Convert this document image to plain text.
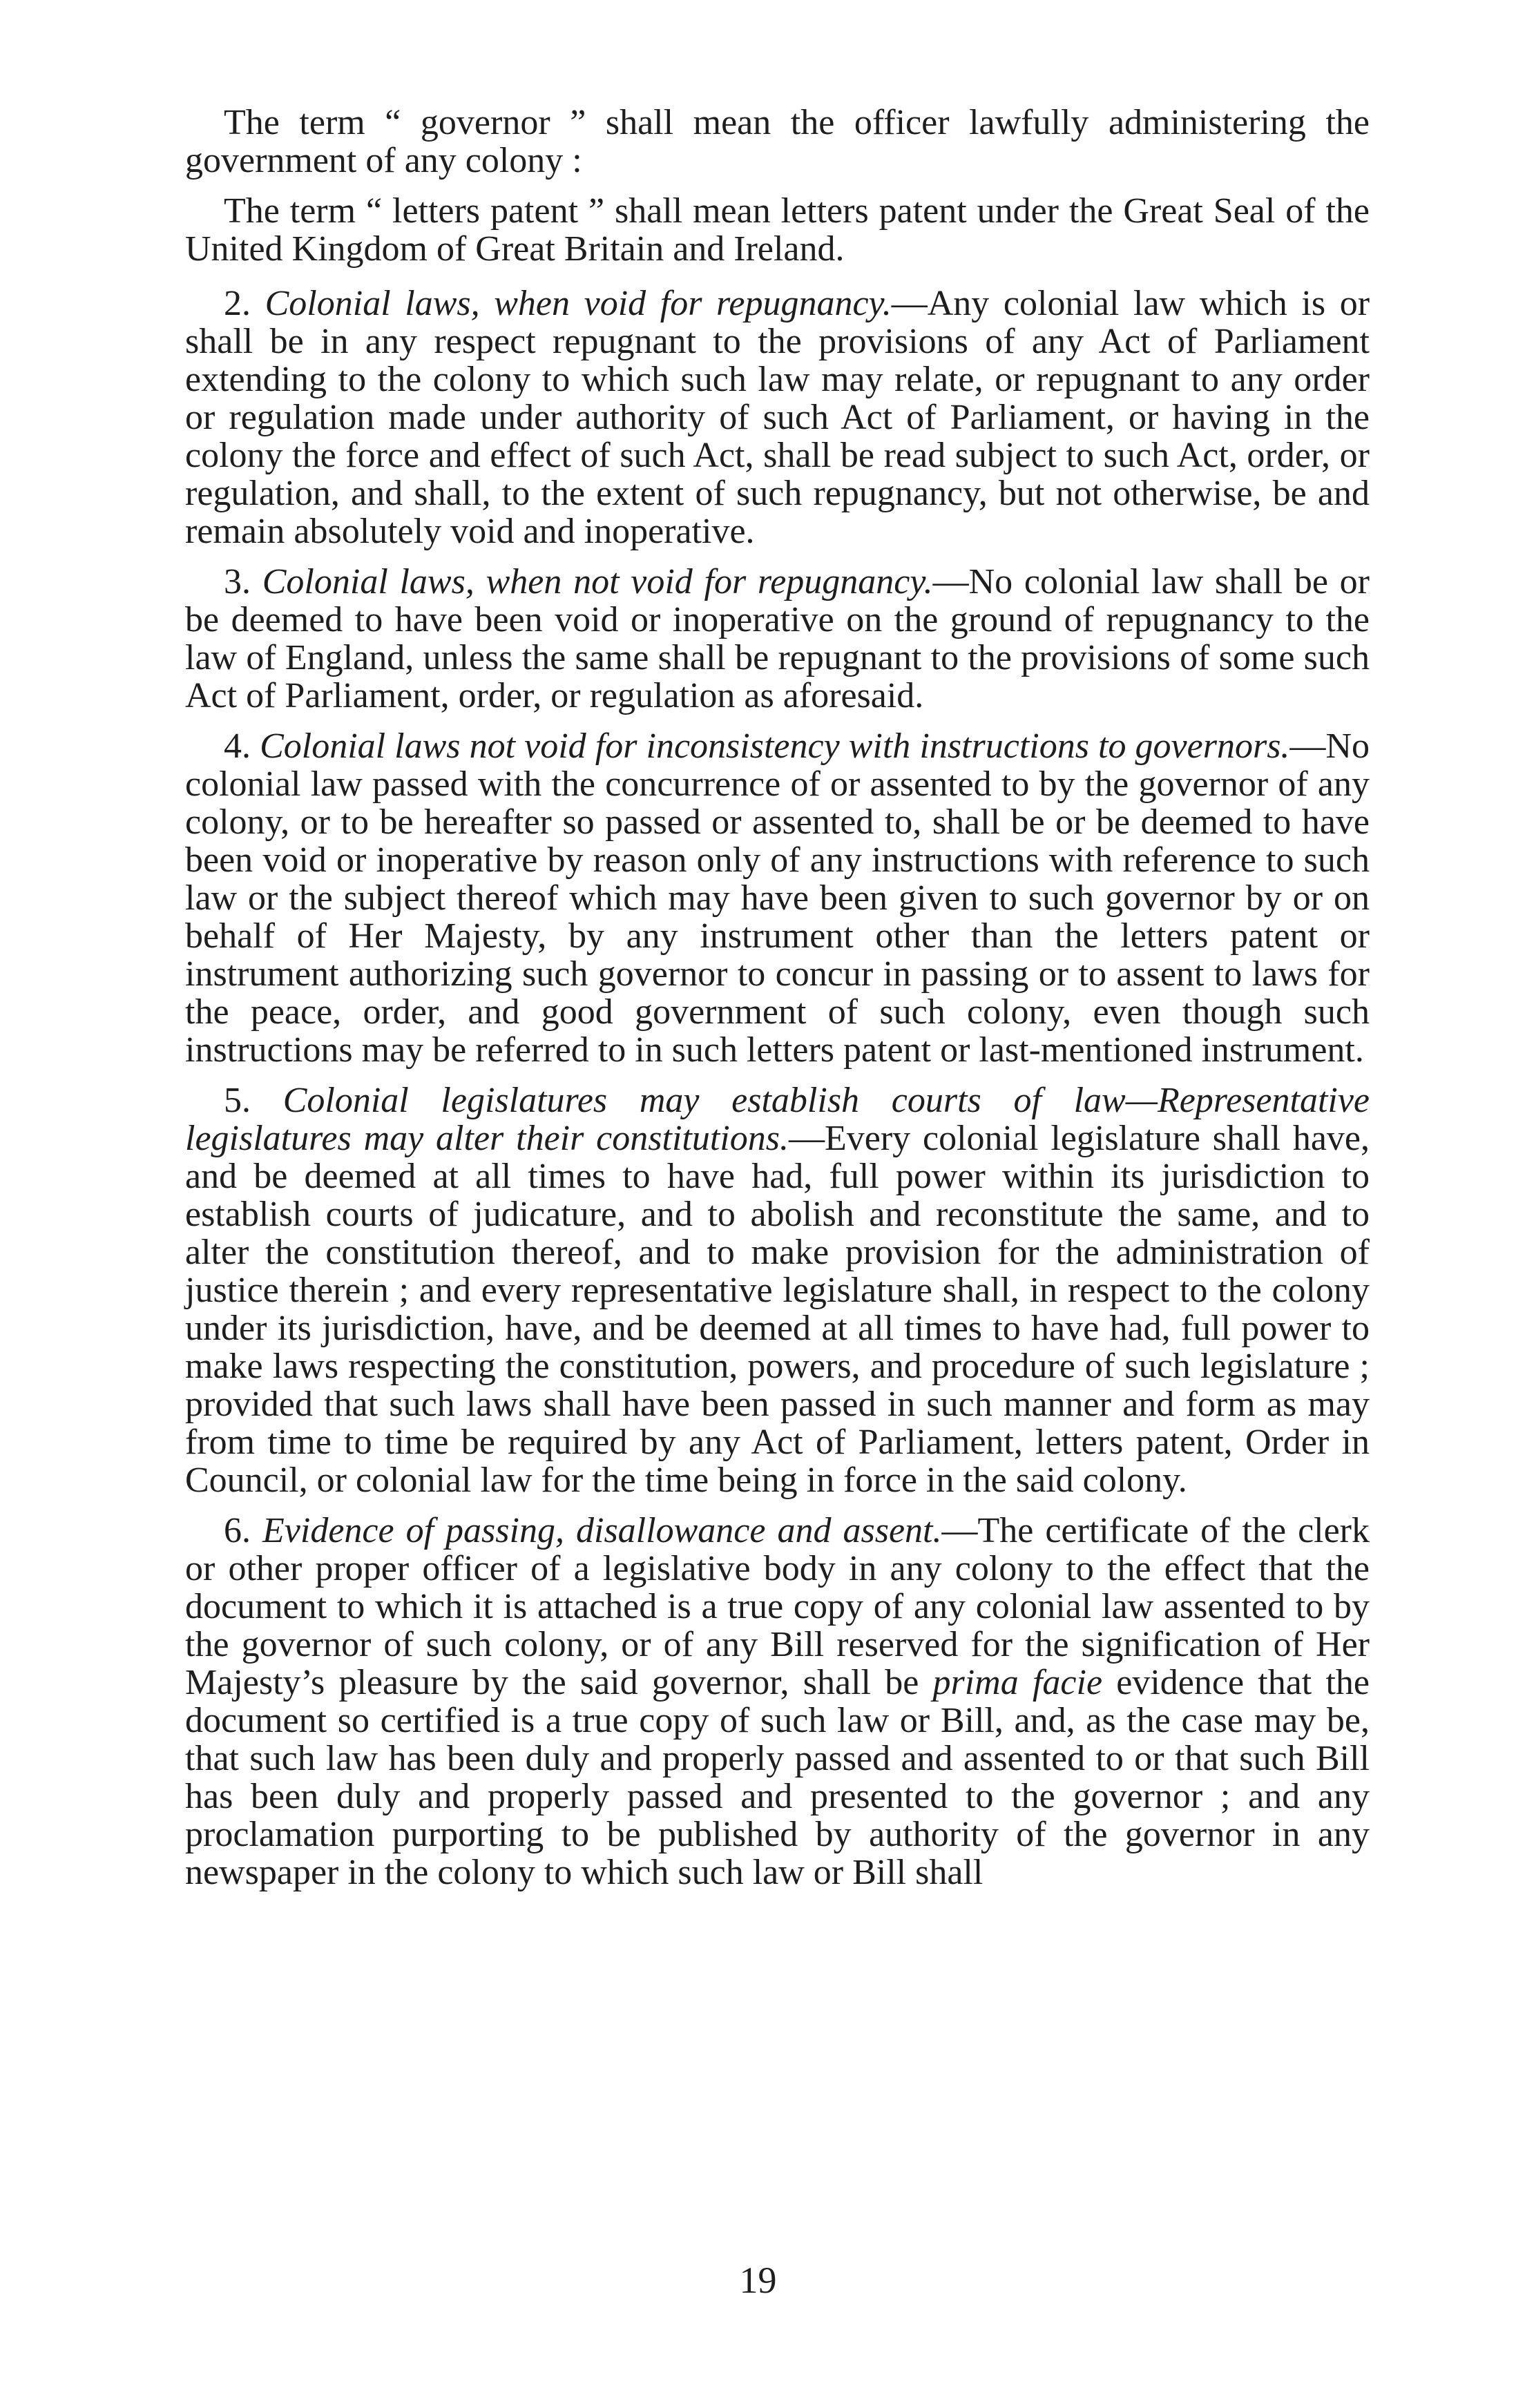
The term “ governor ” shall mean the officer lawfully administering the government of any colony :

The term “ letters patent ” shall mean letters patent under the Great Seal of the United Kingdom of Great Britain and Ireland.

2. Colonial laws, when void for repugnancy.—Any colonial law which is or shall be in any respect repugnant to the provisions of any Act of Parliament extending to the colony to which such law may relate, or repugnant to any order or regulation made under authority of such Act of Parliament, or having in the colony the force and effect of such Act, shall be read subject to such Act, order, or regulation, and shall, to the extent of such repugnancy, but not otherwise, be and remain absolutely void and inoperative.

3. Colonial laws, when not void for repugnancy.—No colonial law shall be or be deemed to have been void or inoperative on the ground of repugnancy to the law of England, unless the same shall be repugnant to the provisions of some such Act of Parliament, order, or regulation as aforesaid.

4. Colonial laws not void for inconsistency with instructions to governors.—No colonial law passed with the concurrence of or assented to by the governor of any colony, or to be hereafter so passed or assented to, shall be or be deemed to have been void or inoperative by reason only of any instructions with reference to such law or the subject thereof which may have been given to such governor by or on behalf of Her Majesty, by any instrument other than the letters patent or instrument authorizing such governor to concur in passing or to assent to laws for the peace, order, and good government of such colony, even though such instructions may be referred to in such letters patent or last-mentioned instrument.

5. Colonial legislatures may establish courts of law—Representative legislatures may alter their constitutions.—Every colonial legislature shall have, and be deemed at all times to have had, full power within its jurisdiction to establish courts of judicature, and to abolish and reconstitute the same, and to alter the constitution thereof, and to make provision for the administration of justice therein ; and every representative legislature shall, in respect to the colony under its jurisdiction, have, and be deemed at all times to have had, full power to make laws respecting the constitution, powers, and procedure of such legislature ; provided that such laws shall have been passed in such manner and form as may from time to time be required by any Act of Parliament, letters patent, Order in Council, or colonial law for the time being in force in the said colony.

6. Evidence of passing, disallowance and assent.—The certificate of the clerk or other proper officer of a legislative body in any colony to the effect that the document to which it is attached is a true copy of any colonial law assented to by the governor of such colony, or of any Bill reserved for the signification of Her Majesty’s pleasure by the said governor, shall be prima facie evidence that the document so certified is a true copy of such law or Bill, and, as the case may be, that such law has been duly and properly passed and assented to or that such Bill has been duly and properly passed and presented to the governor ; and any proclamation purporting to be published by authority of the governor in any newspaper in the colony to which such law or Bill shall

19
